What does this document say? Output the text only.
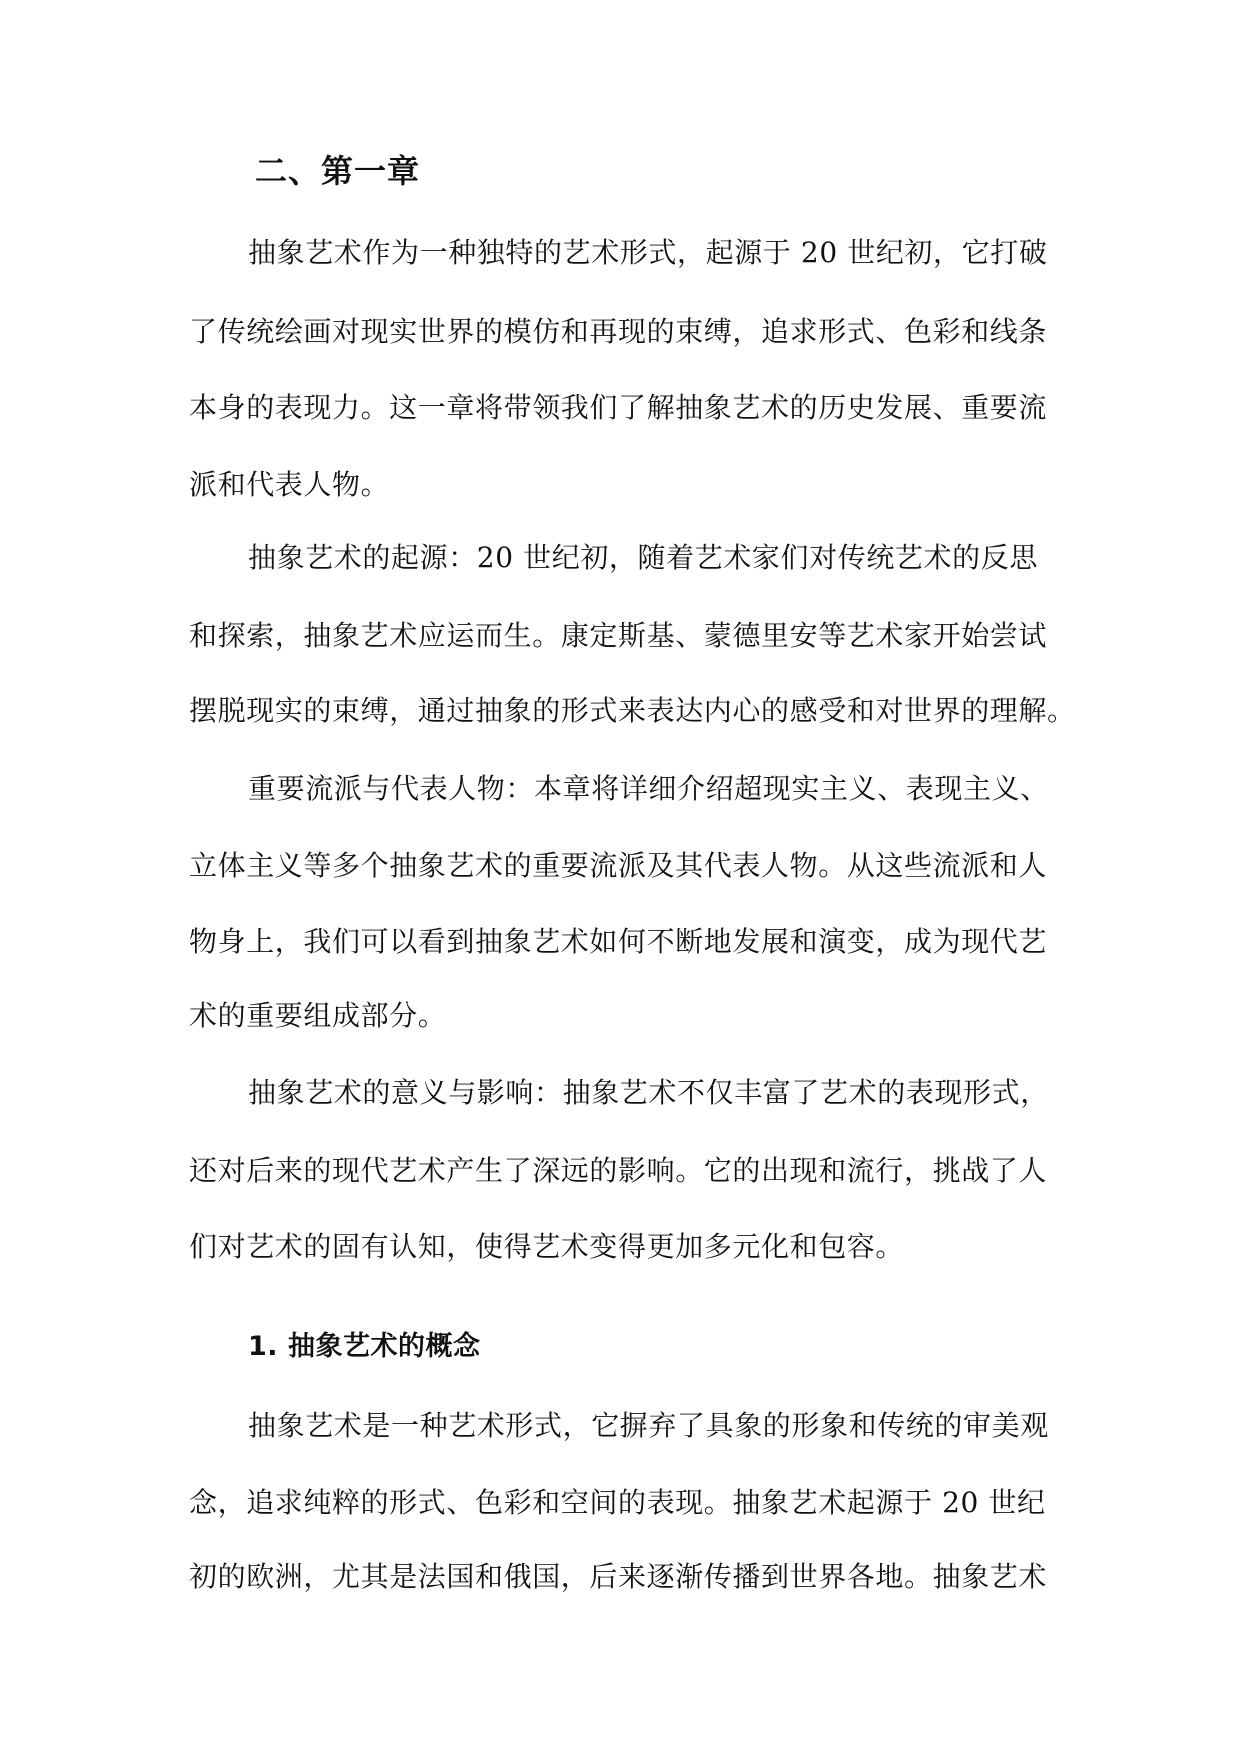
二、第一章
抽象艺术作为一种独特的艺术形式，起源于 20 世纪初，它打破
了传统绘画对现实世界的模仿和再现的束缚，追求形式、色彩和线条
本身的表现力。这一章将带领我们了解抽象艺术的历史发展、重要流
派和代表人物。
抽象艺术的起源：20 世纪初，随着艺术家们对传统艺术的反思
和探索，抽象艺术应运而生。康定斯基、蒙德里安等艺术家开始尝试
摆脱现实的束缚，通过抽象的形式来表达内心的感受和对世界的理解。
重要流派与代表人物：本章将详细介绍超现实主义、表现主义、
立体主义等多个抽象艺术的重要流派及其代表人物。从这些流派和人
物身上，我们可以看到抽象艺术如何不断地发展和演变，成为现代艺
术的重要组成部分。
抽象艺术的意义与影响：抽象艺术不仅丰富了艺术的表现形式，
还对后来的现代艺术产生了深远的影响。它的出现和流行，挑战了人
们对艺术的固有认知，使得艺术变得更加多元化和包容。
1. 抽象艺术的概念
抽象艺术是一种艺术形式，它摒弃了具象的形象和传统的审美观
念，追求纯粹的形式、色彩和空间的表现。抽象艺术起源于 20 世纪
初的欧洲，尤其是法国和俄国，后来逐渐传播到世界各地。抽象艺术
